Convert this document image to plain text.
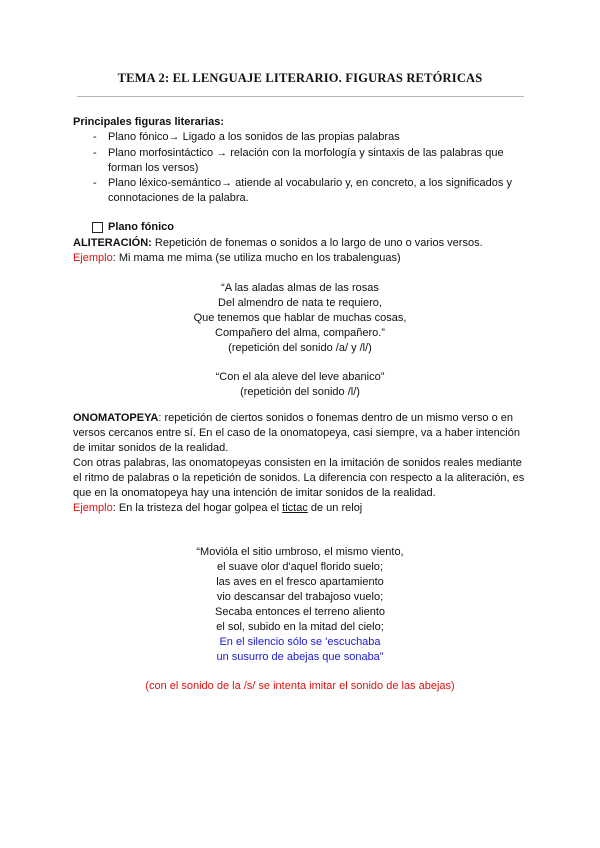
TEMA 2: EL LENGUAJE LITERARIO. FIGURAS RETÓRICAS
Principales figuras literarias:
- Plano fónico→ Ligado a los sonidos de las propias palabras
- Plano morfosintáctico → relación con la morfología y sintaxis de las palabras que
forman los versos)
- Plano léxico-semántico→ atiende al vocabulario y, en concreto, a los significados y
connotaciones de la palabra.
Plano fónico
ALITERACIÓN: Repetición de fonemas o sonidos a lo largo de uno o varios versos.
Ejemplo: Mi mama me mima (se utiliza mucho en los trabalenguas)
“A las aladas almas de las rosas
Del almendro de nata te requiero,
Que tenemos que hablar de muchas cosas,
Compañero del alma, compañero.”
(repetición del sonido /a/ y /l/)
“Con el ala aleve del leve abanico”
(repetición del sonido /l/)
ONOMATOPEYA: repetición de ciertos sonidos o fonemas dentro de un mismo verso o en
versos cercanos entre sí. En el caso de la onomatopeya, casi siempre, va a haber intención
de imitar sonidos de la realidad.
Con otras palabras, las onomatopeyas consisten en la imitación de sonidos reales mediante
el ritmo de palabras o la repetición de sonidos. La diferencia con respecto a la aliteración, es
que en la onomatopeya hay una intención de imitar sonidos de la realidad.
Ejemplo: En la tristeza del hogar golpea el tictac de un reloj
“Movióla el sitio umbroso, el mismo viento,
el suave olor d'aquel florido suelo;
las aves en el fresco apartamiento
vio descansar del trabajoso vuelo;
Secaba entonces el terreno aliento
el sol, subido en la mitad del cielo;
En el silencio sólo se 'escuchaba
un susurro de abejas que sonaba”
(con el sonido de la /s/ se intenta imitar el sonido de las abejas)
